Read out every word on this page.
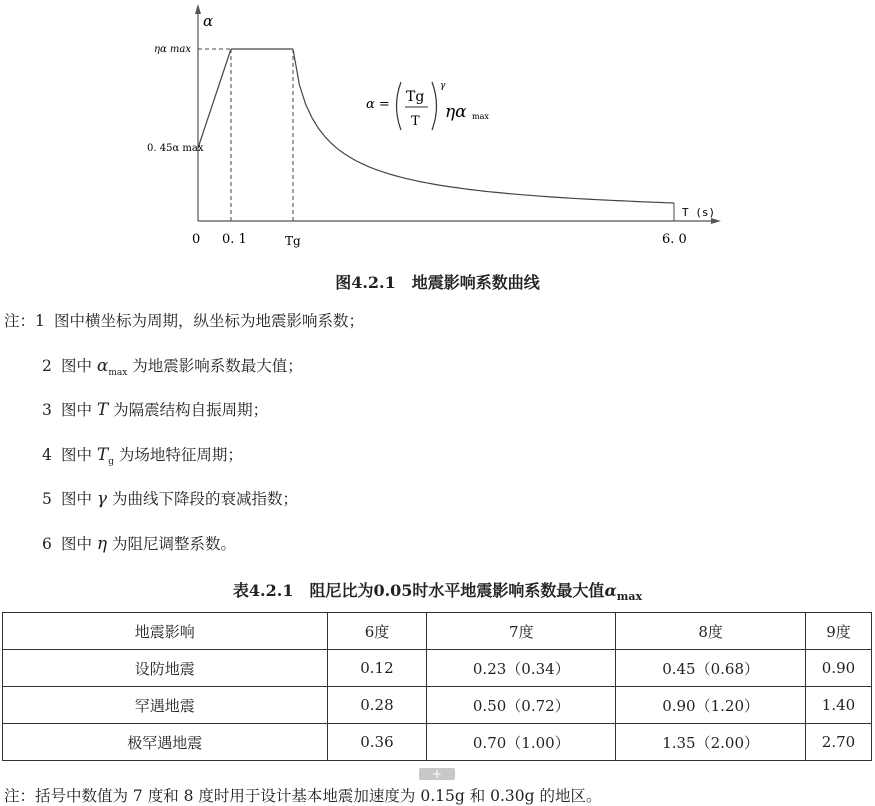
α
ηα max
0. 45α max
T (s)
0 0. 1	Tg	6. 0
α = Tg
T
γ
ηα max
图4.2.1　地震影响系数曲线
注：1 图中横坐标为周期，纵坐标为地震影响系数；
2 图中 $\alpha_{max}$ 为地震影响系数最大值；
3 图中 T 为隔震结构自振周期；
4 图中 $T_g$ 为场地特征周期；
5 图中 γ 为曲线下降段的衰减指数；
6 图中 η 为阻尼调整系数。
表4.2.1　阻尼比为0.05时水平地震影响系数最大值$\alpha_{max}$
地震影响	6度	7度	8度	9度
设防地震	0.12	0.23（0.34）	0.45（0.68）	0.90
罕遇地震	0.28	0.50（0.72）	0.90（1.20）	1.40
极罕遇地震	0.36	0.70（1.00）	1.35（2.00）	2.70
+
注：括号中数值为 7 度和 8 度时用于设计基本地震加速度为 0.15g 和 0.30g 的地区。
